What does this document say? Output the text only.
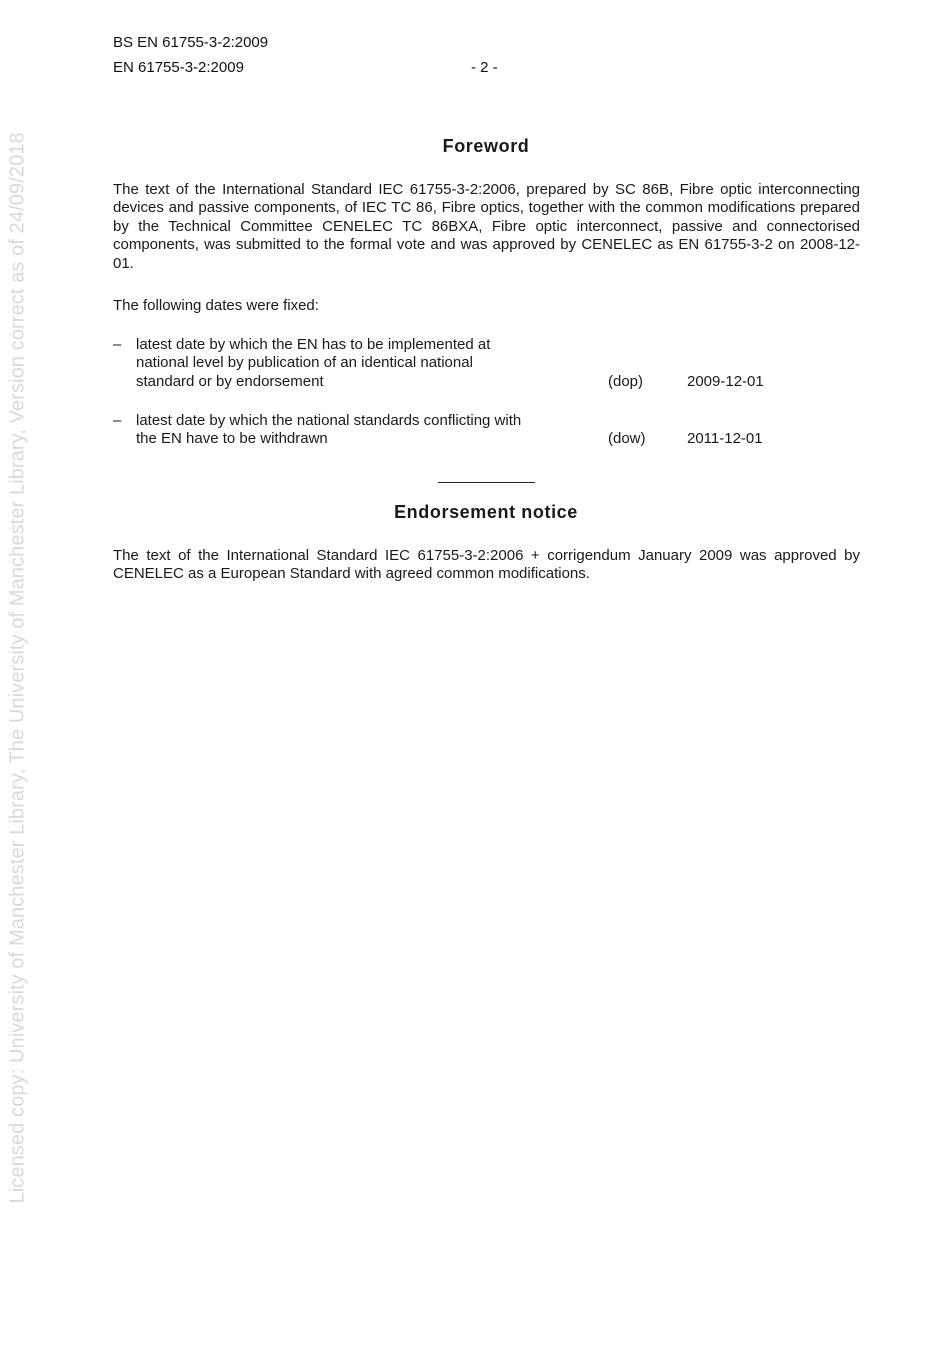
Licensed copy: University of Manchester Library, The University of Manchester Library, Version correct as of 24/09/2018
BS EN 61755-3-2:2009
EN 61755-3-2:2009	- 2 -
Foreword
The text of the International Standard IEC 61755-3-2:2006, prepared by SC 86B, Fibre optic interconnecting devices and passive components, of IEC TC 86, Fibre optics, together with the common modifications prepared by the Technical Committee CENELEC TC 86BXA, Fibre optic interconnect, passive and connectorised components, was submitted to the formal vote and was approved by CENELEC as EN 61755-3-2 on 2008-12-01.
The following dates were fixed:
– latest date by which the EN has to be implemented at national level by publication of an identical national standard or by endorsement	(dop)	2009-12-01
– latest date by which the national standards conflicting with the EN have to be withdrawn	(dow)	2011-12-01
Endorsement notice
The text of the International Standard IEC 61755-3-2:2006 + corrigendum January 2009 was approved by CENELEC as a European Standard with agreed common modifications.
